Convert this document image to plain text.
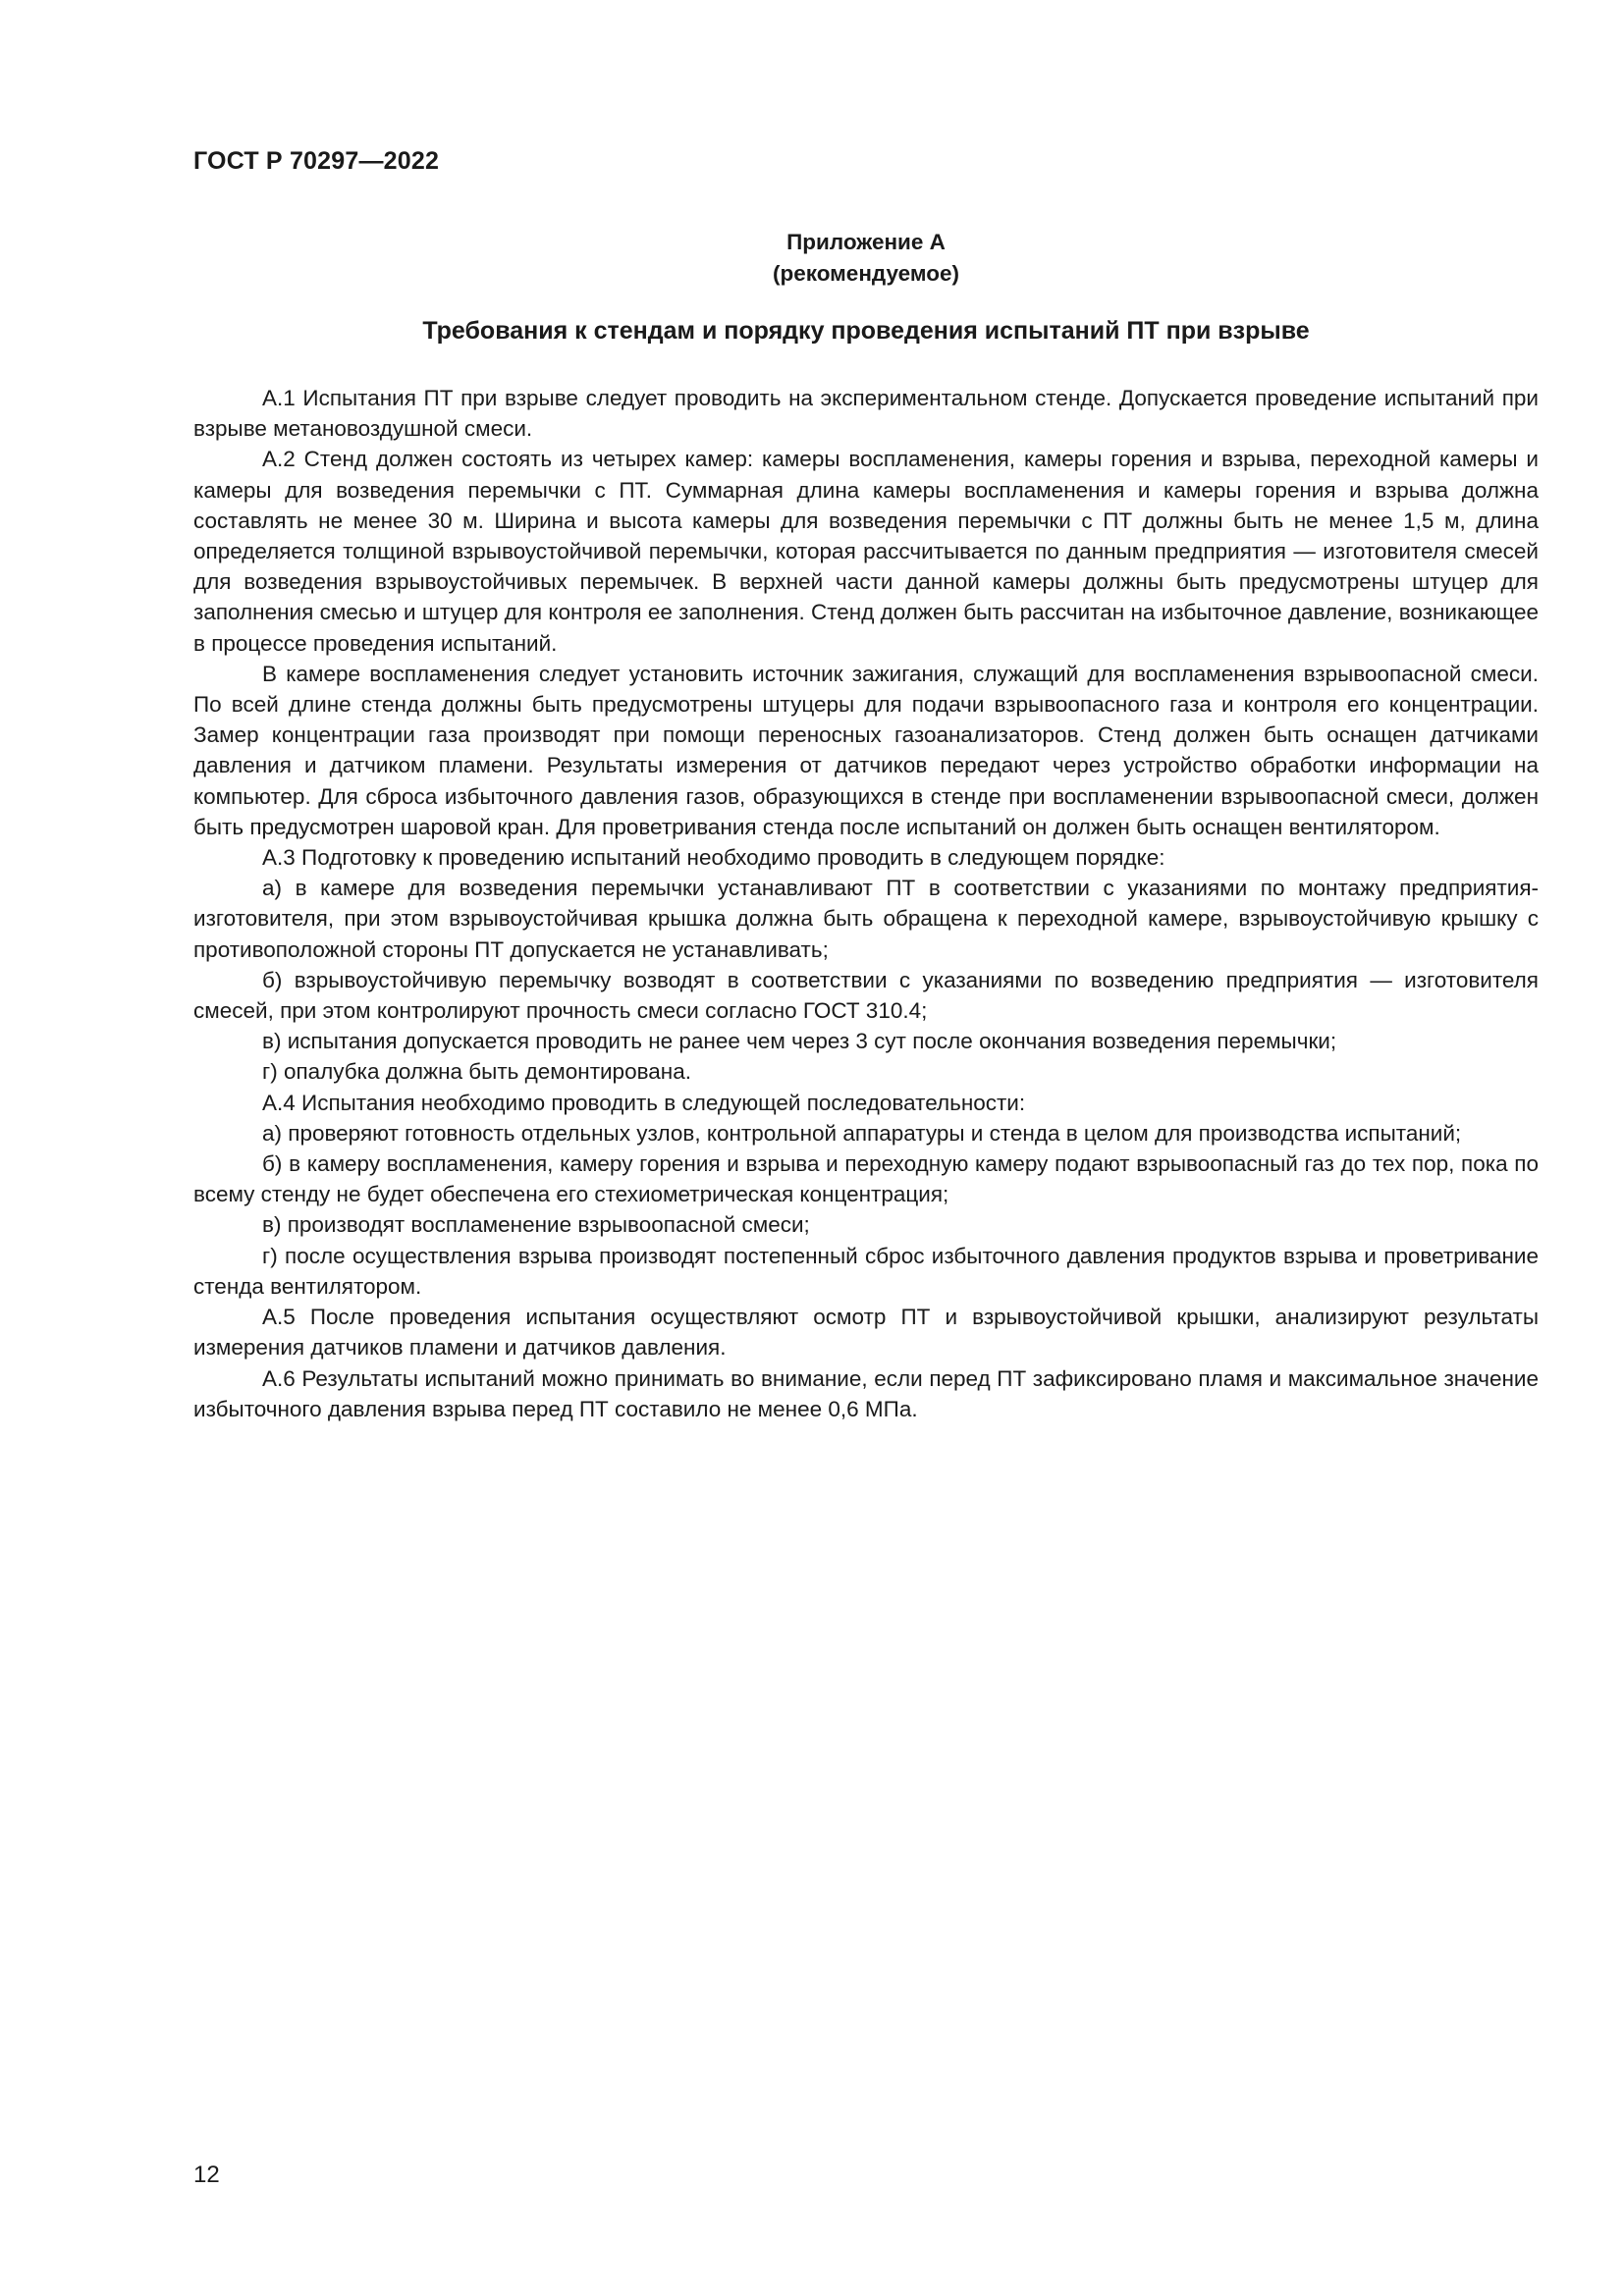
ГОСТ Р 70297—2022

Приложение А

(рекомендуемое)

Требования к стендам и порядку проведения испытаний ПТ при взрыве

А.1 Испытания ПТ при взрыве следует проводить на экспериментальном стенде. Допускается проведение испытаний при взрыве метановоздушной смеси.

А.2 Стенд должен состоять из четырех камер: камеры воспламенения, камеры горения и взрыва, переходной камеры и камеры для возведения перемычки с ПТ. Суммарная длина камеры воспламенения и камеры горения и взрыва должна составлять не менее 30 м. Ширина и высота камеры для возведения перемычки с ПТ должны быть не менее 1,5 м, длина определяется толщиной взрывоустойчивой перемычки, которая рассчитывается по данным предприятия — изготовителя смесей для возведения взрывоустойчивых перемычек. В верхней части данной камеры должны быть предусмотрены штуцер для заполнения смесью и штуцер для контроля ее заполнения. Стенд должен быть рассчитан на избыточное давление, возникающее в процессе проведения испытаний.

В камере воспламенения следует установить источник зажигания, служащий для воспламенения взрывоопасной смеси. По всей длине стенда должны быть предусмотрены штуцеры для подачи взрывоопасного газа и контроля его концентрации. Замер концентрации газа производят при помощи переносных газоанализаторов. Стенд должен быть оснащен датчиками давления и датчиком пламени. Результаты измерения от датчиков передают через устройство обработки информации на компьютер. Для сброса избыточного давления газов, образующихся в стенде при воспламенении взрывоопасной смеси, должен быть предусмотрен шаровой кран. Для проветривания стенда после испытаний он должен быть оснащен вентилятором.

А.3 Подготовку к проведению испытаний необходимо проводить в следующем порядке:

а) в камере для возведения перемычки устанавливают ПТ в соответствии с указаниями по монтажу предприятия-изготовителя, при этом взрывоустойчивая крышка должна быть обращена к переходной камере, взрывоустойчивую крышку с противоположной стороны ПТ допускается не устанавливать;

б) взрывоустойчивую перемычку возводят в соответствии с указаниями по возведению предприятия — изготовителя смесей, при этом контролируют прочность смеси согласно ГОСТ 310.4;

в) испытания допускается проводить не ранее чем через 3 сут после окончания возведения перемычки;

г) опалубка должна быть демонтирована.

А.4 Испытания необходимо проводить в следующей последовательности:

а) проверяют готовность отдельных узлов, контрольной аппаратуры и стенда в целом для производства испытаний;

б) в камеру воспламенения, камеру горения и взрыва и переходную камеру подают взрывоопасный газ до тех пор, пока по всему стенду не будет обеспечена его стехиометрическая концентрация;

в) производят воспламенение взрывоопасной смеси;

г) после осуществления взрыва производят постепенный сброс избыточного давления продуктов взрыва и проветривание стенда вентилятором.

А.5 После проведения испытания осуществляют осмотр ПТ и взрывоустойчивой крышки, анализируют результаты измерения датчиков пламени и датчиков давления.

А.6 Результаты испытаний можно принимать во внимание, если перед ПТ зафиксировано пламя и максимальное значение избыточного давления взрыва перед ПТ составило не менее 0,6 МПа.

12
